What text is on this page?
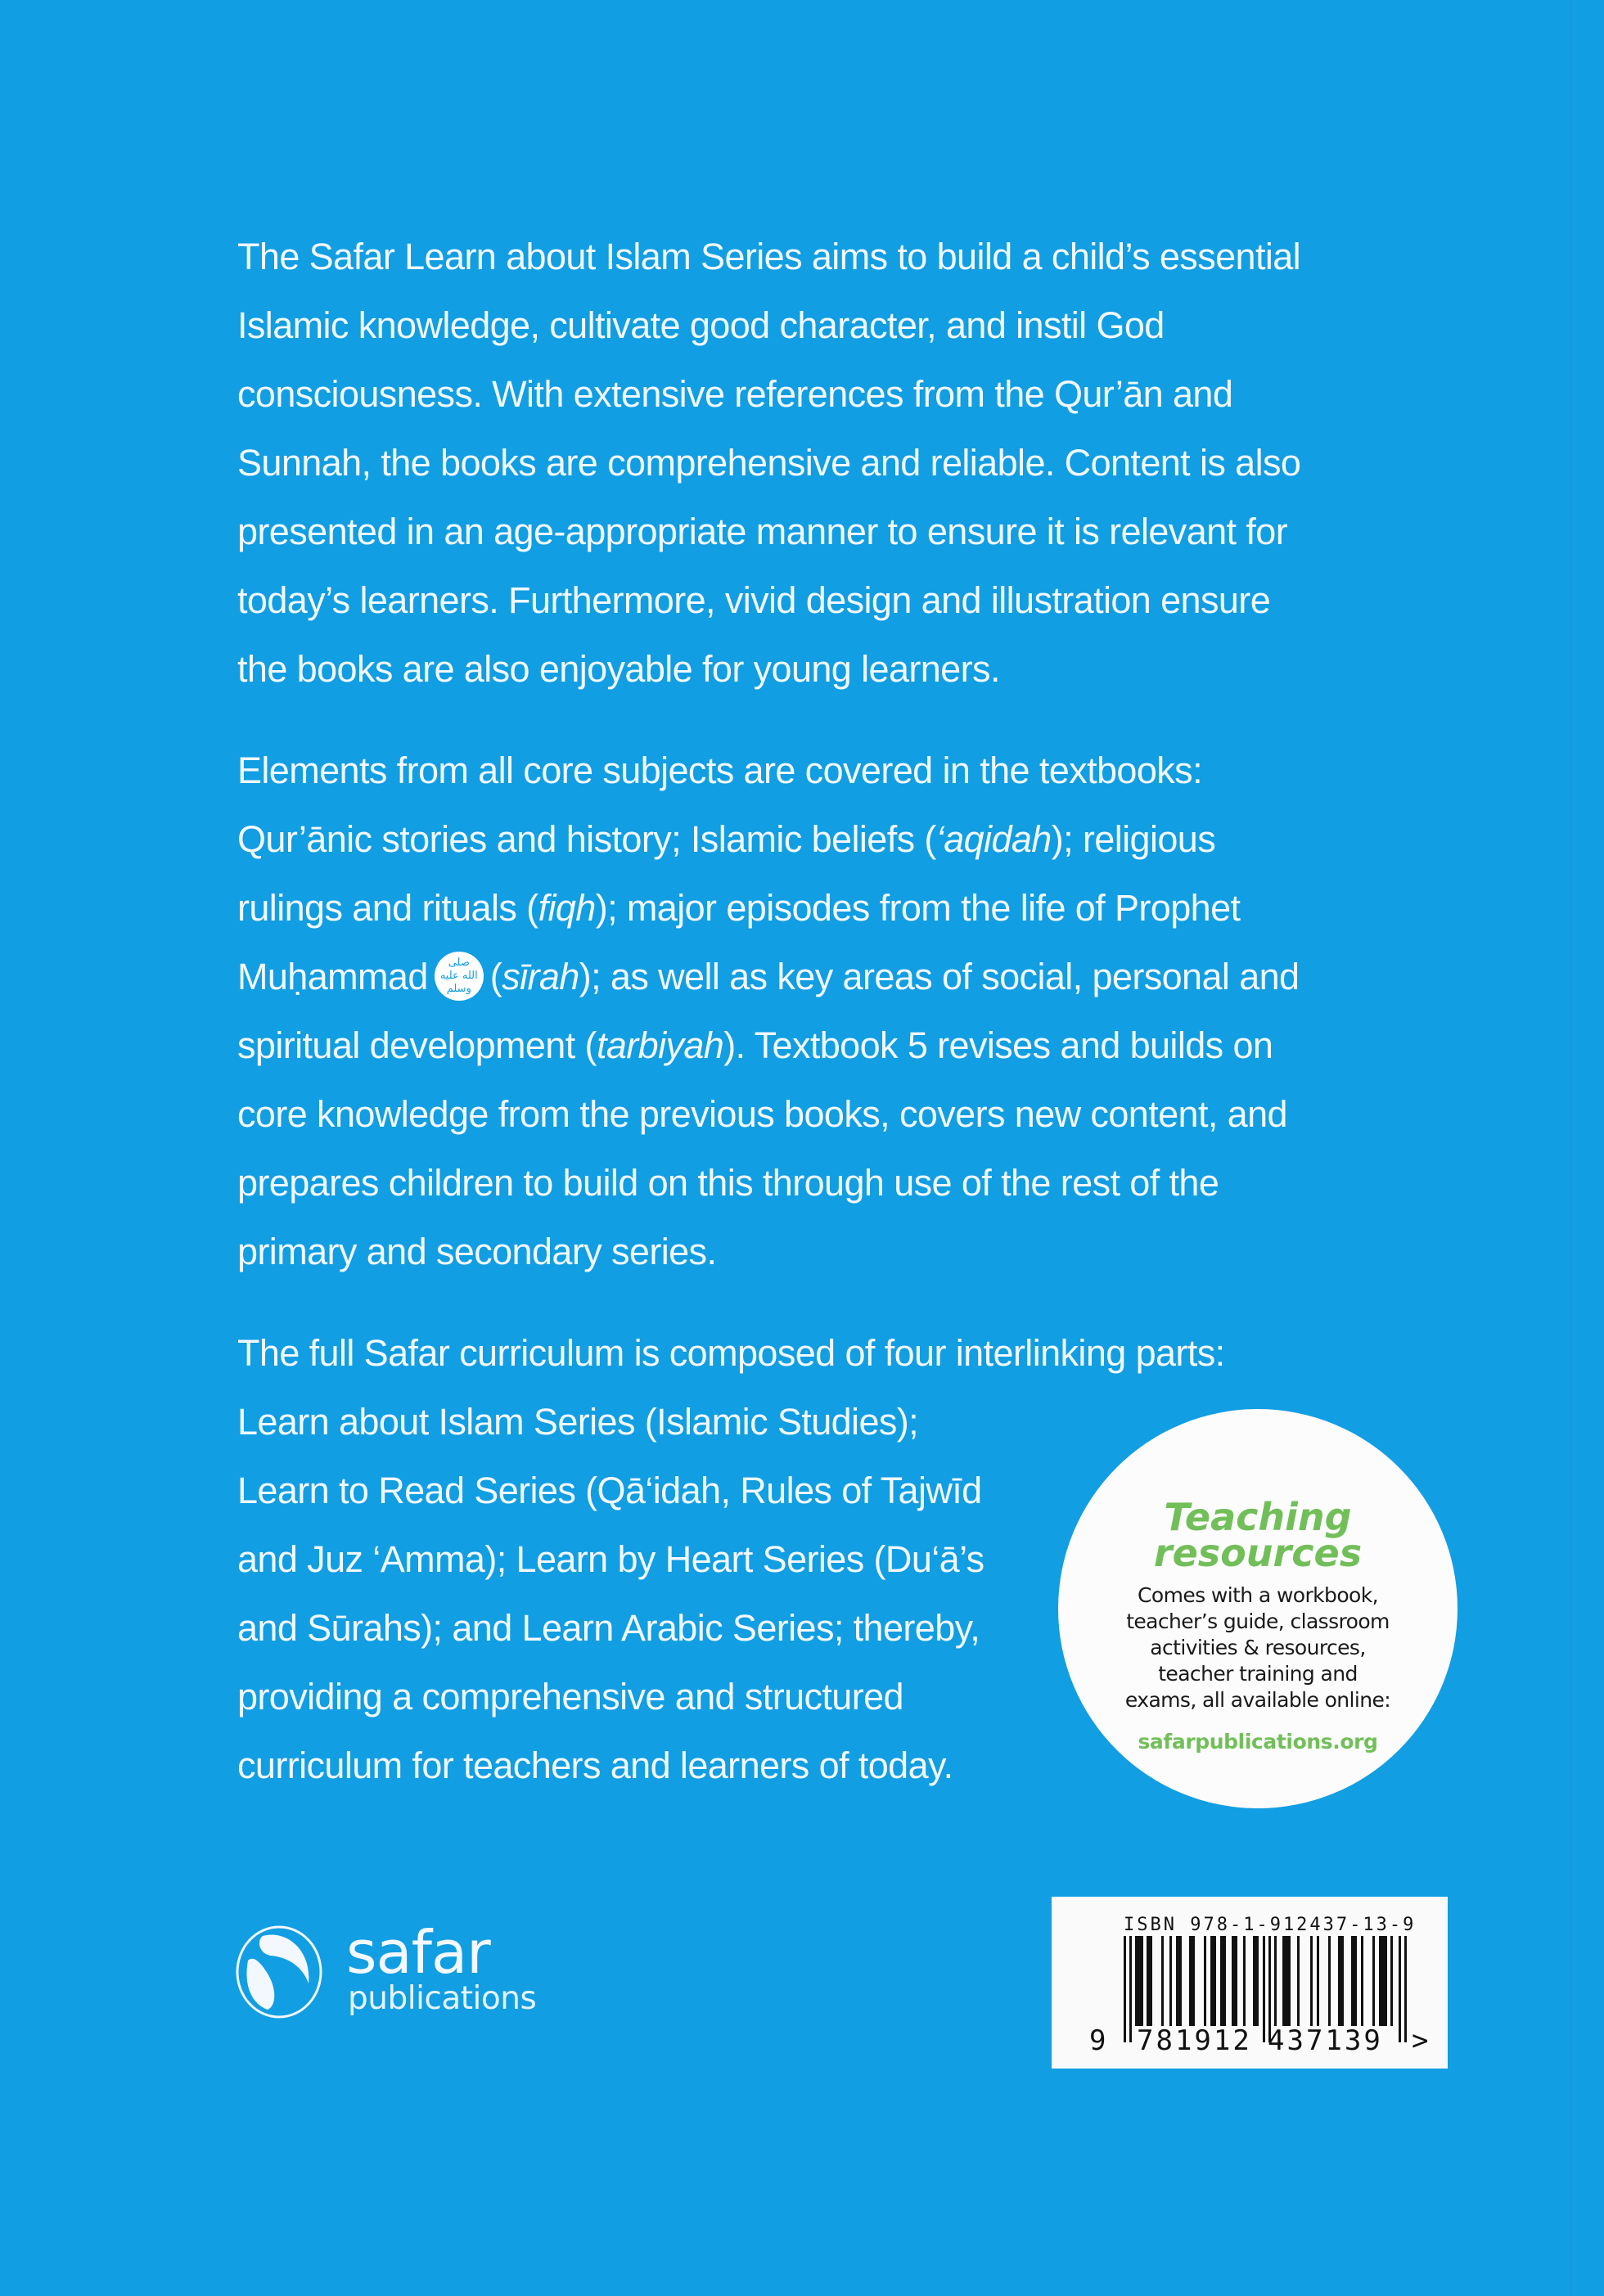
The Safar Learn about Islam Series aims to build a child’s essential
Islamic knowledge, cultivate good character, and instil God
consciousness. With extensive references from the Qur’ān and
Sunnah, the books are comprehensive and reliable. Content is also
presented in an age-appropriate manner to ensure it is relevant for
today’s learners. Furthermore, vivid design and illustration ensure
the books are also enjoyable for young learners.
Elements from all core subjects are covered in the textbooks:
Qur’ānic stories and history; Islamic beliefs (‘aqidah); religious
rulings and rituals (fiqh); major episodes from the life of Prophet
Muḥammad	صلى
الله عليه
وسلم (sīrah); as well as key areas of social, personal and
spiritual development (tarbiyah). Textbook 5 revises and builds on
core knowledge from the previous books, covers new content, and
prepares children to build on this through use of the rest of the
primary and secondary series.
The full Safar curriculum is composed of four interlinking parts:
Learn about Islam Series (Islamic Studies);
Learn to Read Series (Qā‘idah, Rules of Tajwīd
and Juz ‘Amma); Learn by Heart Series (Du‘ā’s
and Sūrahs); and Learn Arabic Series; thereby,
providing a comprehensive and structured
curriculum for teachers and learners of today.
Teaching
resources
Comes with a workbook,
teacher’s guide, classroom
activities & resources,
teacher training and
exams, all available online:
safarpublications.org
safar
publications
ISBN 978-1-912437-13-9
9 781912 437139 >
